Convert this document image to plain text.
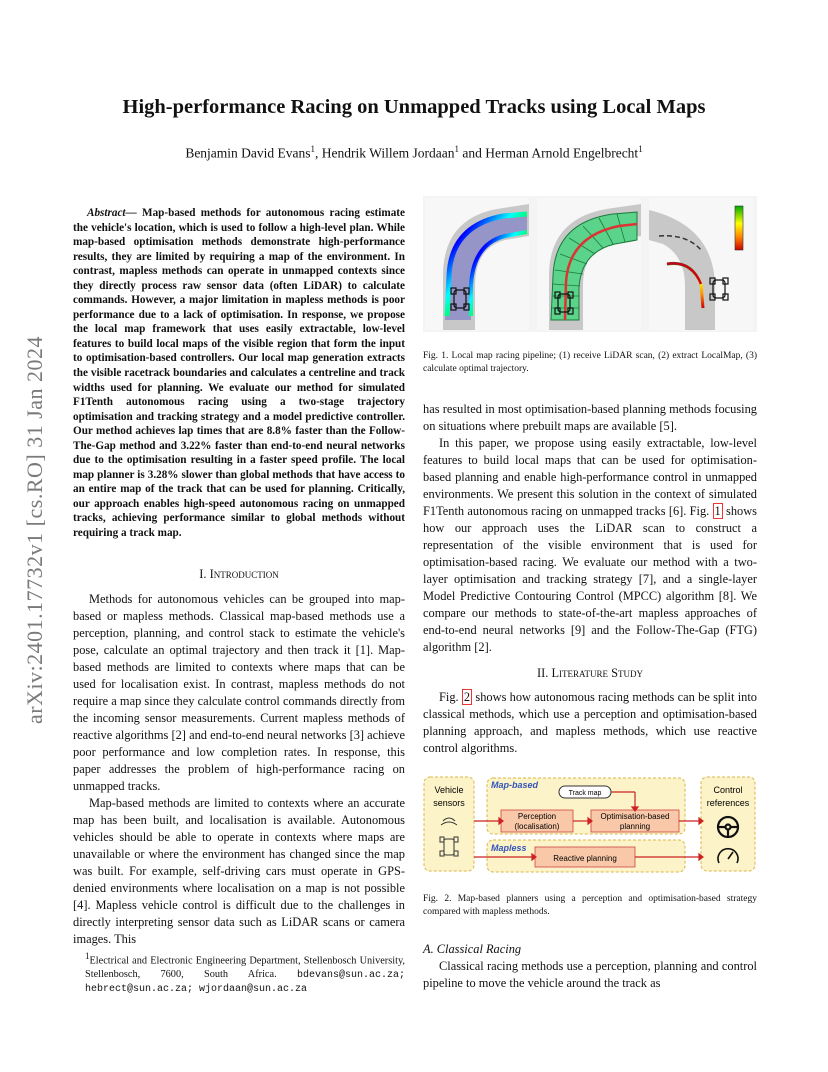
High-performance Racing on Unmapped Tracks using Local Maps
Benjamin David Evans$^1$, Hendrik Willem Jordaan$^1$ and Herman Arnold Engelbrecht$^1$
arXiv:2401.17732v1 [cs.RO] 31 Jan 2024
Abstract— Map-based methods for autonomous racing estimate the vehicle's location, which is used to follow a high-level plan. While map-based optimisation methods demonstrate high-performance results, they are limited by requiring a map of the environment. In contrast, mapless methods can operate in unmapped contexts since they directly process raw sensor data (often LiDAR) to calculate commands. However, a major limitation in mapless methods is poor performance due to a lack of optimisation. In response, we propose the local map framework that uses easily extractable, low-level features to build local maps of the visible region that form the input to optimisation-based controllers. Our local map generation extracts the visible racetrack boundaries and calculates a centreline and track widths used for planning. We evaluate our method for simulated F1Tenth autonomous racing using a two-stage trajectory optimisation and tracking strategy and a model predictive controller. Our method achieves lap times that are 8.8% faster than the Follow-The-Gap method and 3.22% faster than end-to-end neural networks due to the optimisation resulting in a faster speed profile. The local map planner is 3.28% slower than global methods that have access to an entire map of the track that can be used for planning. Critically, our approach enables high-speed autonomous racing on unmapped tracks, achieving performance similar to global methods without requiring a track map.

I. Introduction

Methods for autonomous vehicles can be grouped into map-based or mapless methods. Classical map-based methods use a perception, planning, and control stack to estimate the vehicle's pose, calculate an optimal trajectory and then track it [1]. Map-based methods are limited to contexts where maps that can be used for localisation exist. In contrast, mapless methods do not require a map since they calculate control commands directly from the incoming sensor measurements. Current mapless methods of reactive algorithms [2] and end-to-end neural networks [3] achieve poor performance and low completion rates. In response, this paper addresses the problem of high-performance racing on unmapped tracks.

Map-based methods are limited to contexts where an accurate map has been built, and localisation is available. Autonomous vehicles should be able to operate in contexts where maps are unavailable or where the environment has changed since the map was built. For example, self-driving cars must operate in GPS-denied environments where localisation on a map is not possible [4]. Mapless vehicle control is difficult due to the challenges in directly interpreting sensor data such as LiDAR scans or camera images. This

$^1$Electrical and Electronic Engineering Department, Stellenbosch University, Stellenbosch, 7600, South Africa. bdevans@sun.ac.za; hebrect@sun.ac.za; wjordaan@sun.ac.za
Fig. 1. Local map racing pipeline; (1) receive LiDAR scan, (2) extract LocalMap, (3) calculate optimal trajectory.

has resulted in most optimisation-based planning methods focusing on situations where prebuilt maps are available [5].

In this paper, we propose using easily extractable, low-level features to build local maps that can be used for optimisation-based planning and enable high-performance control in unmapped environments. We present this solution in the context of simulated F1Tenth autonomous racing on unmapped tracks [6]. Fig. 1 shows how our approach uses the LiDAR scan to construct a representation of the visible environment that is used for optimisation-based racing. We evaluate our method with a two-layer optimisation and tracking strategy [7], and a single-layer Model Predictive Contouring Control (MPCC) algorithm [8]. We compare our methods to state-of-the-art mapless approaches of end-to-end neural networks [9] and the Follow-The-Gap (FTG) algorithm [2].

II. Literature Study

Fig. 2 shows how autonomous racing methods can be split into classical methods, which use a perception and optimisation-based planning approach, and mapless methods, which use reactive control algorithms.

Vehicle
sensors
Map-based
Track map
Perception
(localisation)
Optimisation-based
planning
Mapless
Reactive planning
Control
references
Fig. 2. Map-based planners using a perception and optimisation-based strategy compared with mapless methods.

A. Classical Racing

Classical racing methods use a perception, planning and control pipeline to move the vehicle around the track as
